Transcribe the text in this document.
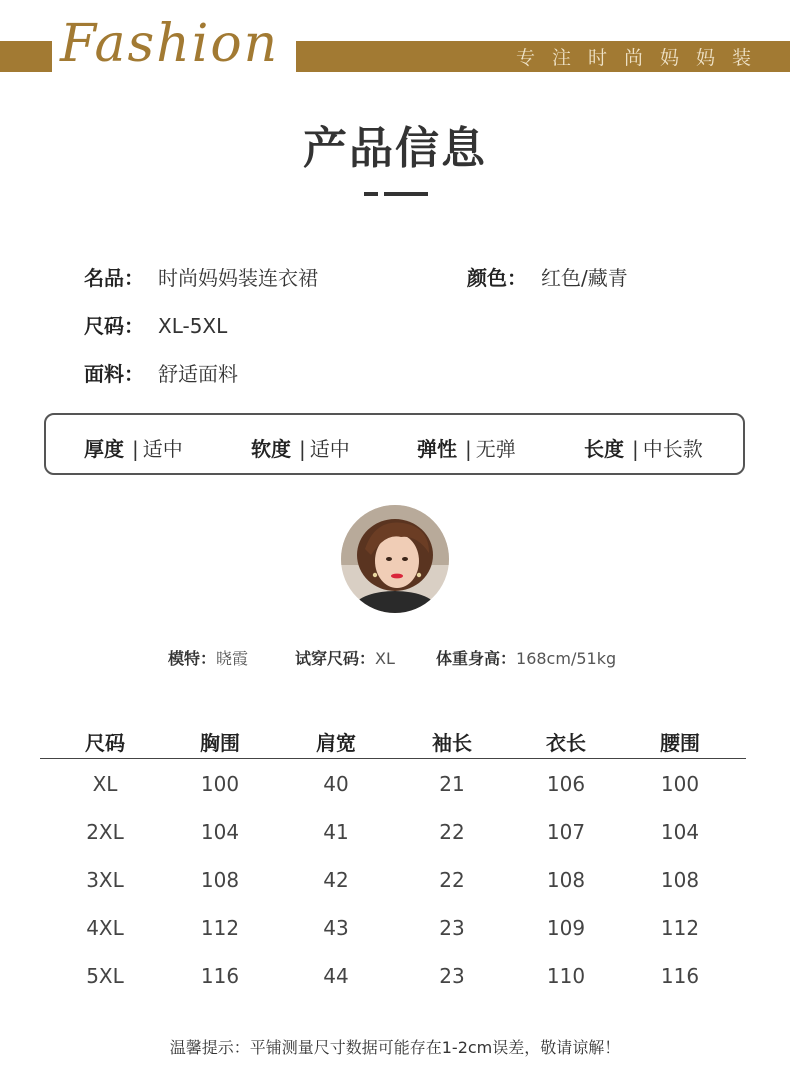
专注时尚妈妈装
Fashion
产品信息
名品： 时尚妈妈装连衣裙	颜色： 红色/藏青
尺码： XL-5XL
面料： 舒适面料
厚度 | 适中	软度 | 适中	弹性 | 无弹	长度 | 中长款
模特：晓霞	试穿尺码：XL	体重身高：168cm/51kg
尺码	胸围	肩宽	袖长	衣长	腰围
XL	100	40	21	106	100
2XL	104	41	22	107	104
3XL	108	42	22	108	108
4XL	112	43	23	109	112
5XL	116	44	23	110	116
温馨提示：平铺测量尺寸数据可能存在1-2cm误差，敬请谅解！
